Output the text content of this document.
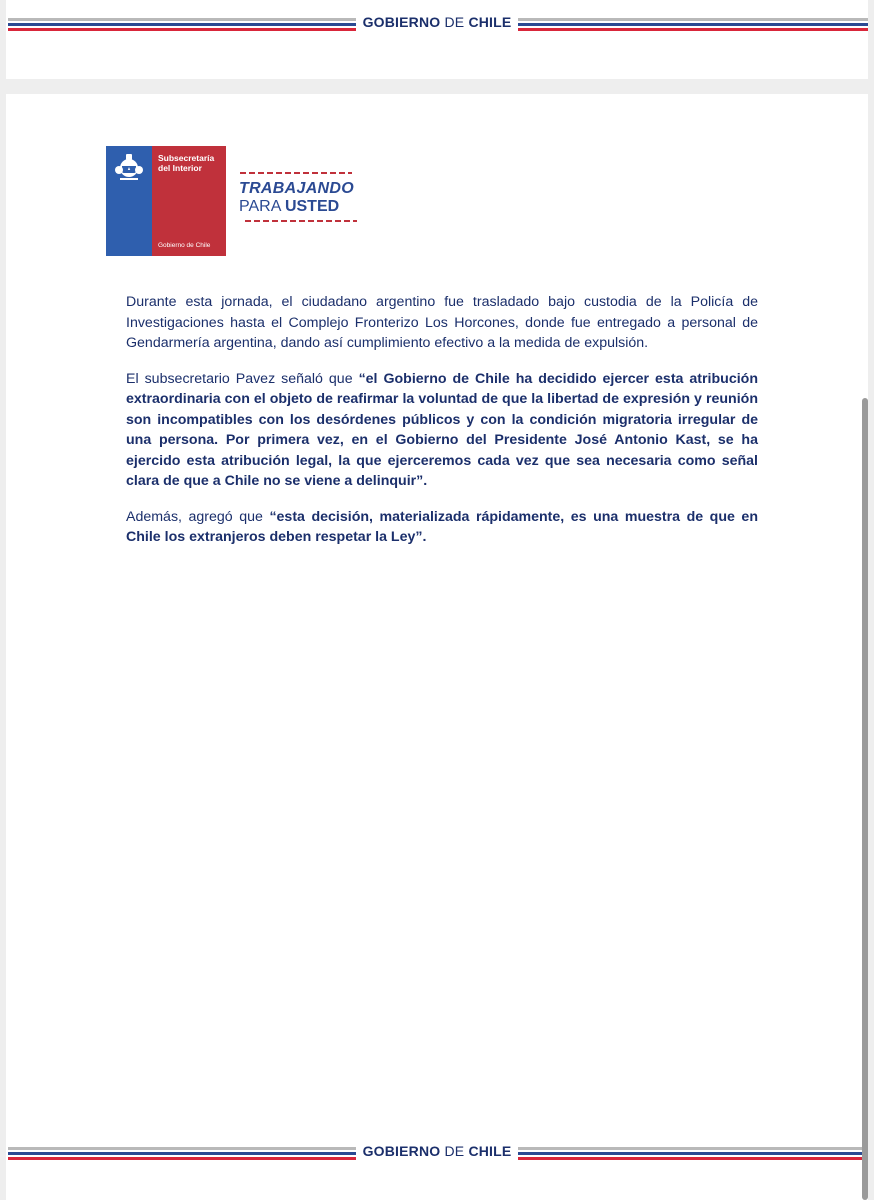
GOBIERNO DE CHILE
Subsecretaría
del Interior
Gobierno de Chile
TRABAJANDO
PARA USTED

Durante esta jornada, el ciudadano argentino fue trasladado bajo custodia de la Policía de Investigaciones hasta el Complejo Fronterizo Los Horcones, donde fue entregado a personal de Gendarmería argentina, dando así cumplimiento efectivo a la medida de expulsión.

El subsecretario Pavez señaló que “el Gobierno de Chile ha decidido ejercer esta atribución extraordinaria con el objeto de reafirmar la voluntad de que la libertad de expresión y reunión son incompatibles con los desórdenes públicos y con la condición migratoria irregular de una persona. Por primera vez, en el Gobierno del Presidente José Antonio Kast, se ha ejercido esta atribución legal, la que ejerceremos cada vez que sea necesaria como señal clara de que a Chile no se viene a delinquir”.

Además, agregó que “esta decisión, materializada rápidamente, es una muestra de que en Chile los extranjeros deben respetar la Ley”.

GOBIERNO DE CHILE
